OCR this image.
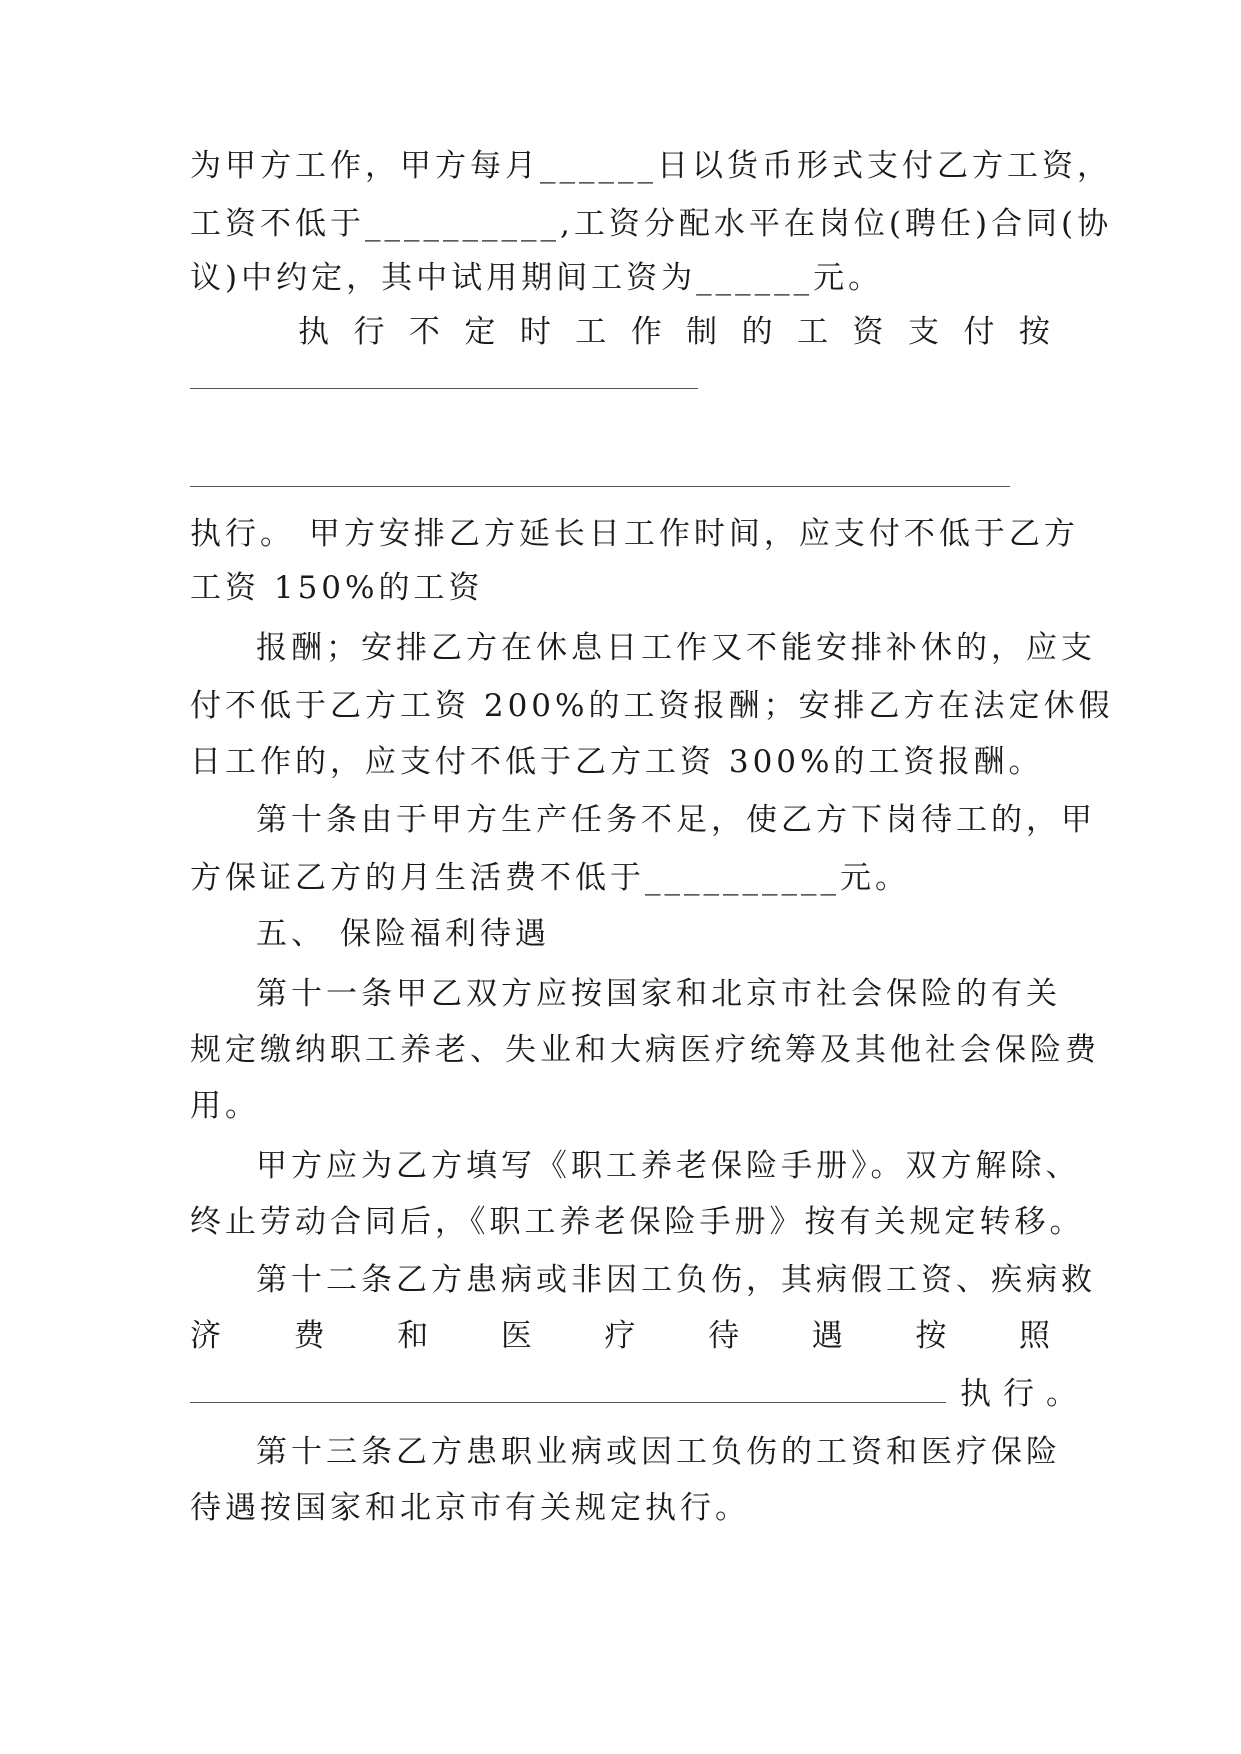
为甲方工作，甲方每月______日以货币形式支付乙方工资，
工资不低于__________,工资分配水平在岗位(聘任)合同(协
议)中约定，其中试用期间工资为______元。
执 行 不 定 时 工 作 制 的 工 资 支 付 按
执行。 甲方安排乙方延长日工作时间，应支付不低于乙方
工资 150%的工资
报酬；安排乙方在休息日工作又不能安排补休的，应支
付不低于乙方工资 200%的工资报酬；安排乙方在法定休假
日工作的，应支付不低于乙方工资 300%的工资报酬。
第十条由于甲方生产任务不足，使乙方下岗待工的，甲
方保证乙方的月生活费不低于__________元。
五、 保险福利待遇
第十一条甲乙双方应按国家和北京市社会保险的有关
规定缴纳职工养老、失业和大病医疗统筹及其他社会保险费
用。
甲方应为乙方填写《职工养老保险手册》。双方解除、
终止劳动合同后，《职工养老保险手册》按有关规定转移。
第十二条乙方患病或非因工负伤，其病假工资、疾病救
济 费 和 医 疗 待 遇 按 照
执行。
第十三条乙方患职业病或因工负伤的工资和医疗保险
待遇按国家和北京市有关规定执行。
